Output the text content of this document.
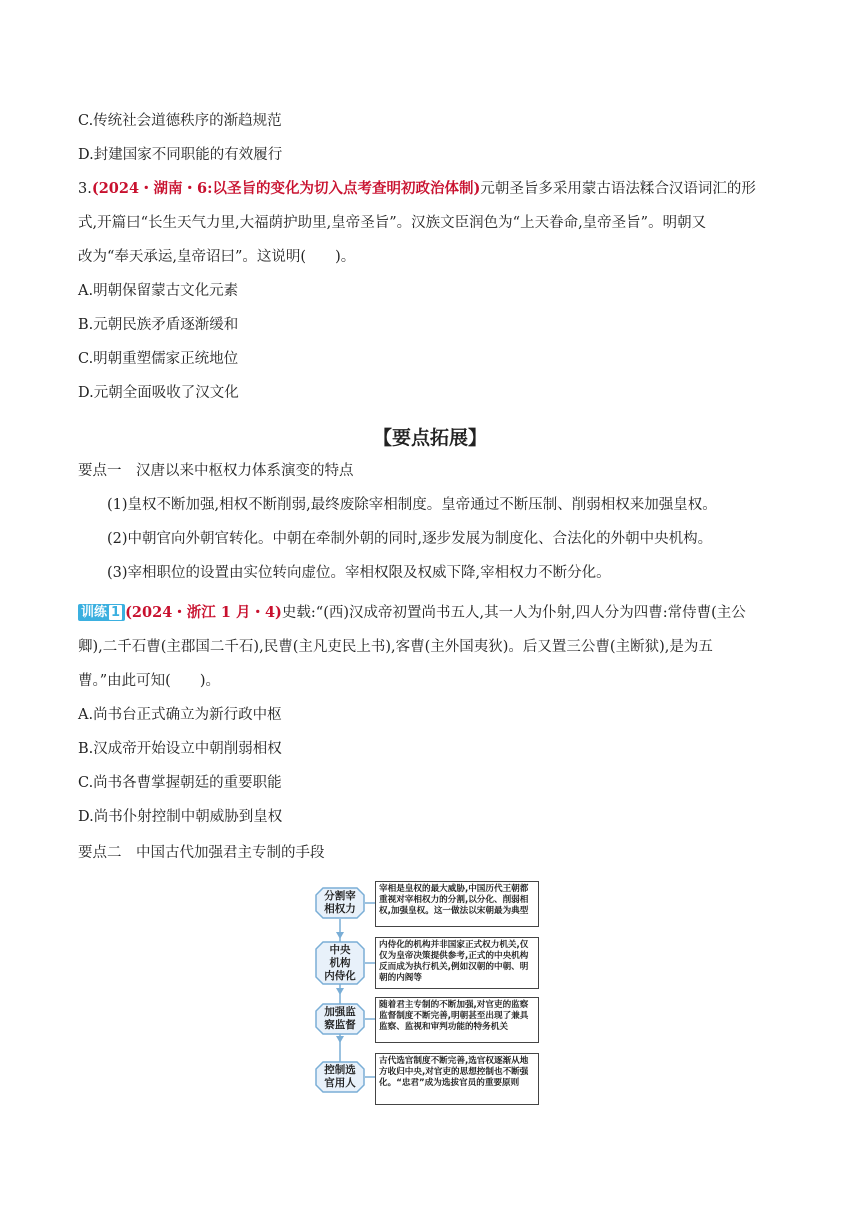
C.传统社会道德秩序的渐趋规范
D.封建国家不同职能的有效履行
3.(2024・湖南・6:以圣旨的变化为切入点考查明初政治体制)元朝圣旨多采用蒙古语法糅合汉语词汇的形
式,开篇曰“长生天气力里,大福荫护助里,皇帝圣旨”。汉族文臣润色为“上天眷命,皇帝圣旨”。明朝又
改为“奉天承运,皇帝诏曰”。这说明(　　)。
A.明朝保留蒙古文化元素
B.元朝民族矛盾逐渐缓和
C.明朝重塑儒家正统地位
D.元朝全面吸收了汉文化
【要点拓展】
要点一　汉唐以来中枢权力体系演变的特点
(1)皇权不断加强,相权不断削弱,最终废除宰相制度。皇帝通过不断压制、削弱相权来加强皇权。
(2)中朝官向外朝官转化。中朝在牵制外朝的同时,逐步发展为制度化、合法化的外朝中央机构。
(3)宰相职位的设置由实位转向虚位。宰相权限及权威下降,宰相权力不断分化。
训练 1 (2024・浙江 1 月・4)史载:“(西)汉成帝初置尚书五人,其一人为仆射,四人分为四曹:常侍曹(主公
卿),二千石曹(主郡国二千石),民曹(主凡吏民上书),客曹(主外国夷狄)。后又置三公曹(主断狱),是为五
曹。”由此可知(　　)。
A.尚书台正式确立为新行政中枢
B.汉成帝开始设立中朝削弱相权
C.尚书各曹掌握朝廷的重要职能
D.尚书仆射控制中朝威胁到皇权
要点二　中国古代加强君主专制的手段
分割宰
相权力
宰相是皇权的最大威胁,中国历代王朝都重视对宰相权力的分割,以分化、削弱相权,加强皇权。这一做法以宋朝最为典型
中央
机构
内侍化
内侍化的机构并非国家正式权力机关,仅仅为皇帝决策提供参考,正式的中央机构反而成为执行机关,例如汉朝的中朝、明朝的内阁等
加强监
察监督
随着君主专制的不断加强,对官吏的监察监督制度不断完善,明朝甚至出现了兼具监察、监视和审判功能的特务机关
控制选
官用人
古代选官制度不断完善,选官权逐渐从地方收归中央,对官吏的思想控制也不断强化。“忠君”成为选拔官员的重要原则
